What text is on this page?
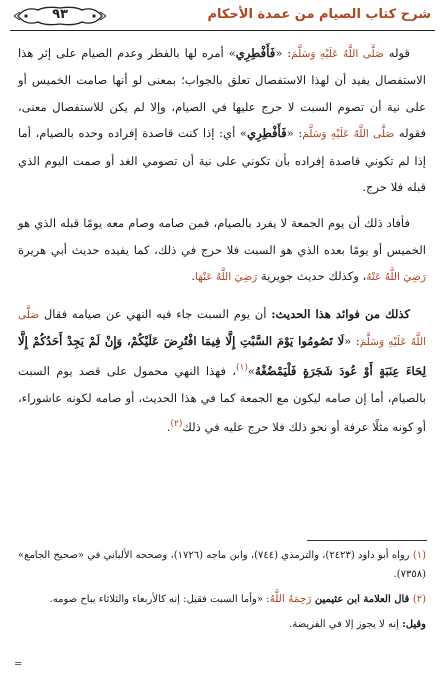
٩٣	شرح كتاب الصيام من عمدة الأحكام

قوله صَلَّى اللَّهُ عَلَيْهِ وَسَلَّمَ: «فَأَفْطِرِي» أمره لها بالفطر وعدم الصيام على إثر هذا الاستفصال يفيد أن لهذا الاستفصال تعلق بالجواب؛ بمعنى لو أنها صامت الخميس أو على نية أن تصوم السبت لا حرج عليها في الصيام، وإلا لم يكن للاستفصال معنى، فقوله صَلَّى اللَّهُ عَلَيْهِ وَسَلَّمَ: «فَأَفْطِرِي» أي: إذا كنت قاصدة إفراده وحده بالصيام، أما إذا لم تكوني قاصدة إفراده بأن تكوني على نية أن تصومي الغد أو صمت اليوم الذي قبله فلا حرج.

فأفاد ذلك أن يوم الجمعة لا يفرد بالصيام، فمن صامه وصام معه يومًا قبله الذي هو الخميس أو يومًا بعده الذي هو السبت فلا حرج في ذلك، كما يفيده حديث أبي هريرة رَضِيَ اللَّهُ عَنْهُ، وكذلك حديث جويرية رَضِيَ اللَّهُ عَنْهَا.

كذلك من فوائد هذا الحديث: أن يوم السبت جاء فيه النهي عن صيامه فقال صَلَّى اللَّهُ عَلَيْهِ وَسَلَّمَ: «لَا تَصُومُوا يَوْمَ السَّبْتِ إِلَّا فِيمَا افْتُرِضَ عَلَيْكُمْ، وَإِنْ لَمْ يَجِدْ أَحَدُكُمْ إِلَّا لِحَاءَ عِنَبَةٍ أَوْ عُودَ شَجَرَةٍ فَلْيَمْضُغْهُ»$^{(١)}$، فهذا النهي محمول على قصد يوم السبت بالصيام، أما إن صامه ليكون مع الجمعة كما في هذا الحديث، أو صامه لكونه عاشوراء، أو كونه مثلًا عرفة أو نحو ذلك فلا حرج عليه في ذلك$^{(٢)}$.

(١) رواه أبو داود (٢٤٢٣)، والترمذي (٧٤٤)، وابن ماجه (١٧٢٦)، وصححه الألباني في «صحيح الجامع» (٧٣٥٨).
(٢) قال العلامة ابن عثيمين رَحِمَهُ اللَّهُ: «وأما السبت فقيل: إنه كالأربعاء والثلاثاء يباح صومه.
وقيل: إنه لا يجوز إلا في الفريضة.
=
